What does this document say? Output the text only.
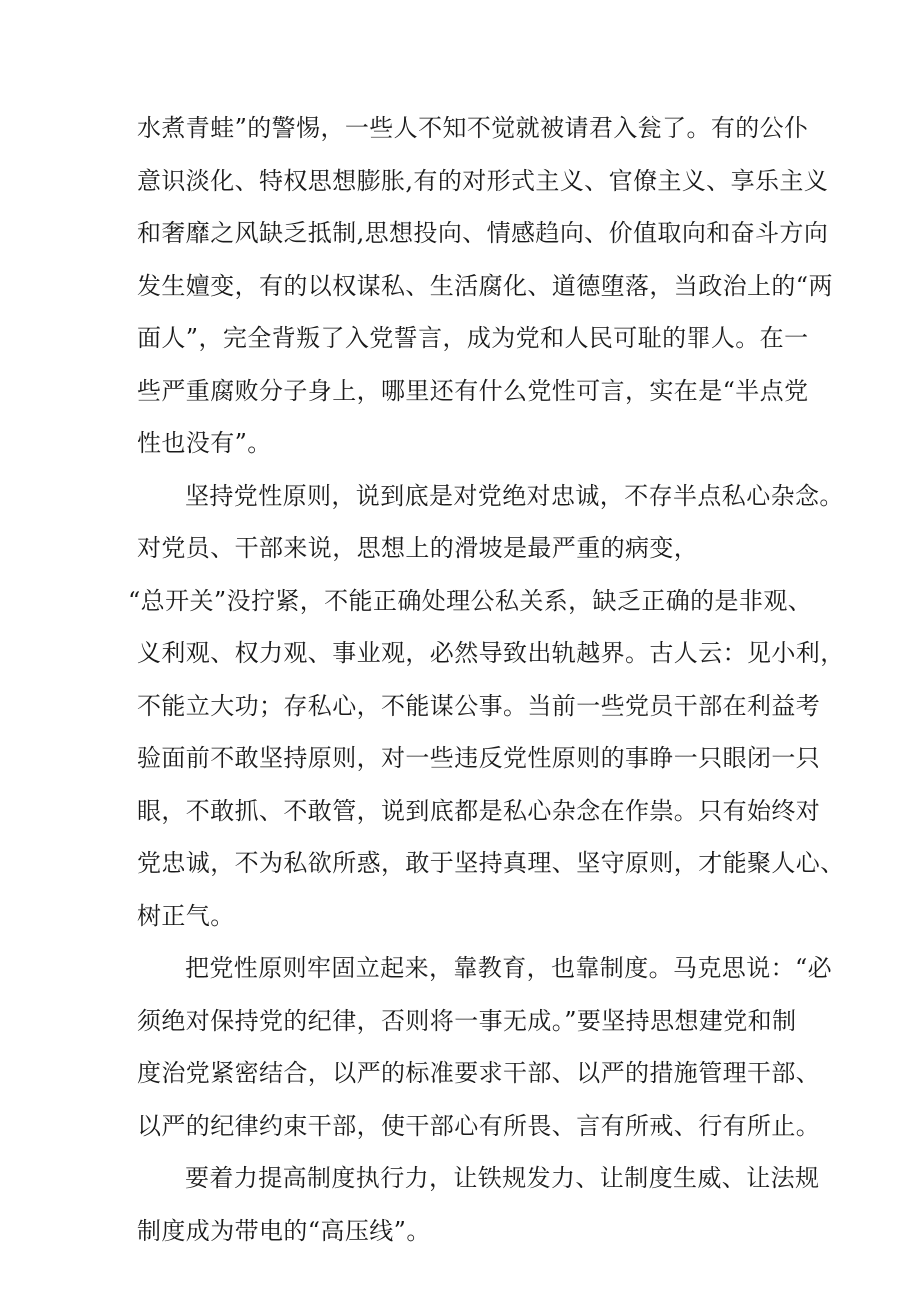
水煮青蛙”的警惕，一些人不知不觉就被请君入瓮了。有的公仆
意识淡化、特权思想膨胀,有的对形式主义、官僚主义、享乐主义
和奢靡之风缺乏抵制,思想投向、情感趋向、价值取向和奋斗方向
发生嬗变，有的以权谋私、生活腐化、道德堕落，当政治上的“两
面人”，完全背叛了入党誓言，成为党和人民可耻的罪人。在一
些严重腐败分子身上，哪里还有什么党性可言，实在是“半点党
性也没有”。
坚持党性原则，说到底是对党绝对忠诚，不存半点私心杂念。
对党员、干部来说，思想上的滑坡是最严重的病变，
“总开关”没拧紧，不能正确处理公私关系，缺乏正确的是非观、
义利观、权力观、事业观，必然导致出轨越界。古人云：见小利，
不能立大功；存私心，不能谋公事。当前一些党员干部在利益考
验面前不敢坚持原则，对一些违反党性原则的事睁一只眼闭一只
眼，不敢抓、不敢管，说到底都是私心杂念在作祟。只有始终对
党忠诚，不为私欲所惑，敢于坚持真理、坚守原则，才能聚人心、
树正气。
把党性原则牢固立起来，靠教育，也靠制度。马克思说：“必
须绝对保持党的纪律，否则将一事无成。”要坚持思想建党和制
度治党紧密结合，以严的标准要求干部、以严的措施管理干部、
以严的纪律约束干部，使干部心有所畏、言有所戒、行有所止。
要着力提高制度执行力，让铁规发力、让制度生威、让法规
制度成为带电的“高压线”。
